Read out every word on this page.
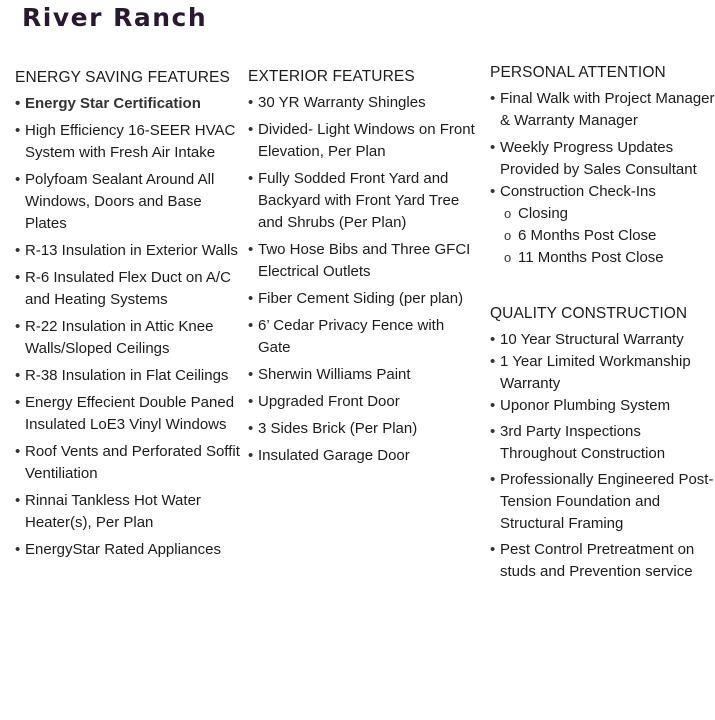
River Ranch
ENERGY SAVING FEATURES
• Energy Star Certification
• High Efficiency 16-SEER HVAC System with Fresh Air Intake
• Polyfoam Sealant Around All Windows, Doors and Base Plates
• R-13 Insulation in Exterior Walls
• R-6 Insulated Flex Duct on A/C and Heating Systems
• R-22 Insulation in Attic Knee Walls/Sloped Ceilings
• R-38 Insulation in Flat Ceilings
• Energy Effecient Double Paned Insulated LoE3 Vinyl Windows
• Roof Vents and Perforated Soffit Ventiliation
• Rinnai Tankless Hot Water Heater(s), Per Plan
• EnergyStar Rated Appliances
EXTERIOR FEATURES
• 30 YR Warranty Shingles
• Divided- Light Windows on Front Elevation, Per Plan
• Fully Sodded Front Yard and Backyard with Front Yard Tree and Shrubs (Per Plan)
• Two Hose Bibs and Three GFCI Electrical Outlets
• Fiber Cement Siding (per plan)
• 6’ Cedar Privacy Fence with Gate
• Sherwin Williams Paint
• Upgraded Front Door
• 3 Sides Brick (Per Plan)
• Insulated Garage Door
PERSONAL ATTENTION
• Final Walk with Project Manager & Warranty Manager
• Weekly Progress Updates Provided by Sales Consultant
• Construction Check-Ins
o Closing
o 6 Months Post Close
o 11 Months Post Close
QUALITY CONSTRUCTION
• 10 Year Structural Warranty
• 1 Year Limited Workmanship Warranty
• Uponor Plumbing System
• 3rd Party Inspections Throughout Construction
• Professionally Engineered Post-Tension Foundation and Structural Framing
• Pest Control Pretreatment on studs and Prevention service
